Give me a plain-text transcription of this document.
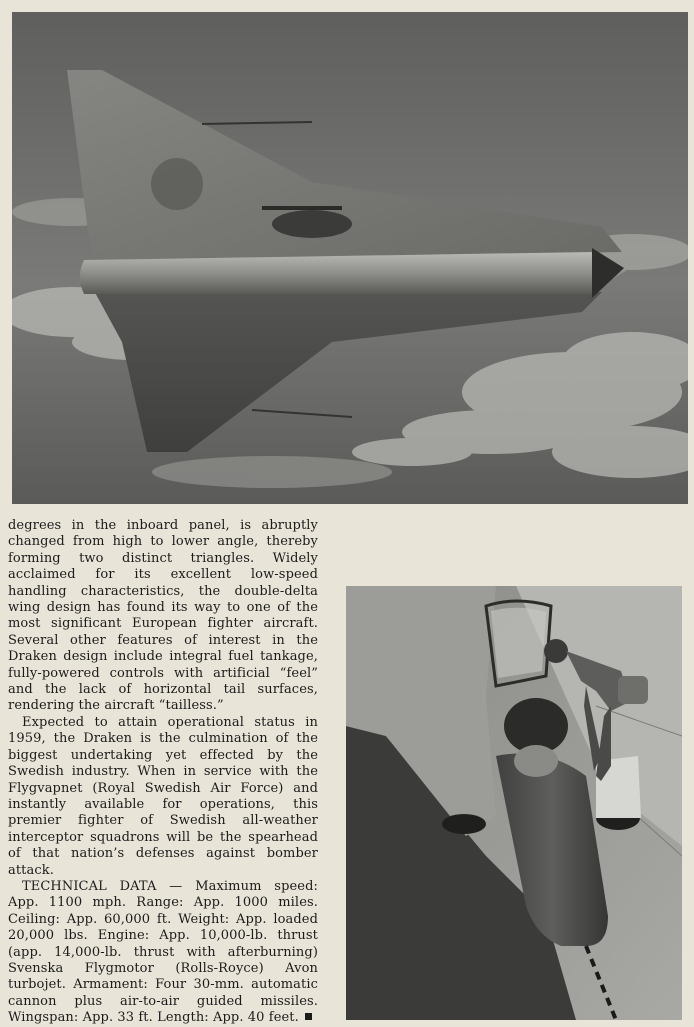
degrees in the inboard panel, is abruptly changed from high to lower angle, thereby forming two distinct triangles. Widely acclaimed for its excellent low-speed handling characteristics, the double-delta wing design has found its way to one of the most significant European fighter aircraft. Several other features of interest in the Draken design include integral fuel tankage, fully-powered controls with artificial “feel” and the lack of horizontal tail surfaces, rendering the aircraft “tailless.”

Expected to attain operational status in 1959, the Draken is the culmination of the biggest undertaking yet effected by the Swedish industry. When in service with the Flygvapnet (Royal Swedish Air Force) and instantly available for operations, this premier fighter of Swedish all-weather interceptor squadrons will be the spearhead of that nation’s defenses against bomber attack.

TECHNICAL DATA — Maximum speed: App. 1100 mph. Range: App. 1000 miles. Ceiling: App. 60,000 ft. Weight: App. loaded 20,000 lbs. Engine: App. 10,000-lb. thrust (app. 14,000-lb. thrust with afterburning) Svenska Flygmotor (Rolls-Royce) Avon turbojet. Armament: Four 30-mm. automatic cannon plus air-to-air guided missiles. Wingspan: App. 33 ft. Length: App. 40 feet.
